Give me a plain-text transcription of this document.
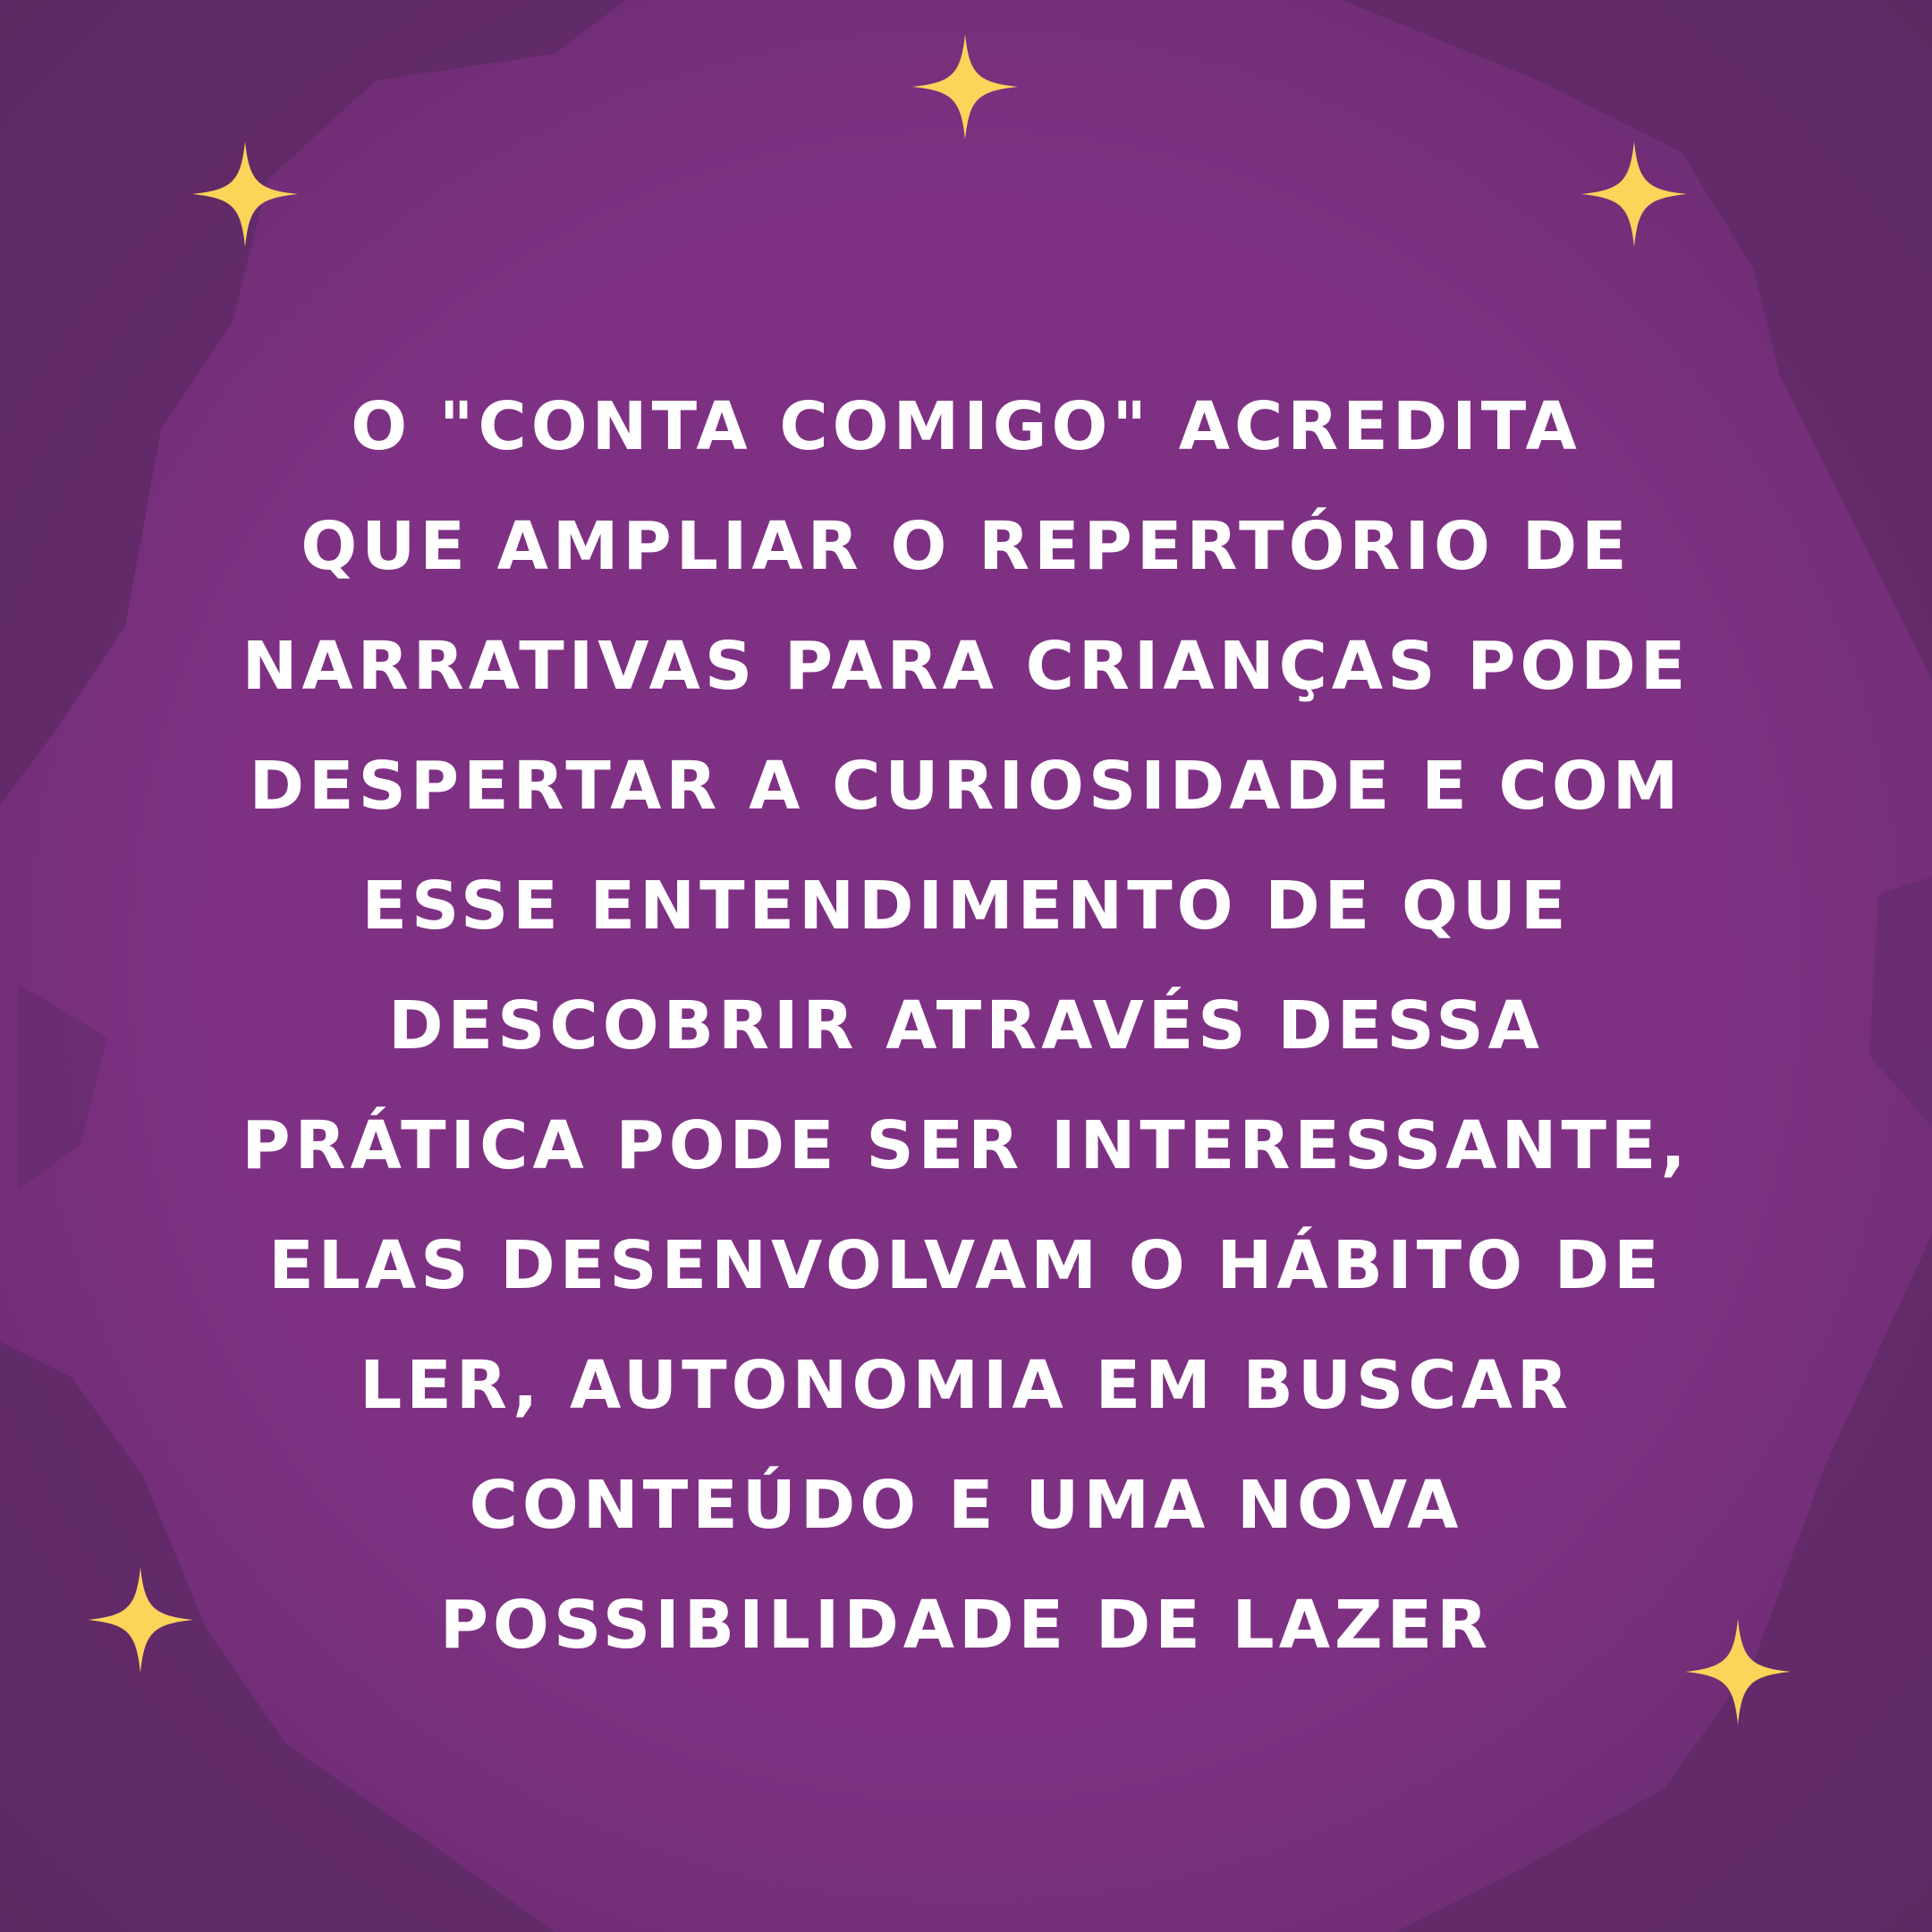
O "CONTA COMIGO" ACREDITA
QUE AMPLIAR O REPERTÓRIO DE
NARRATIVAS PARA CRIANÇAS PODE
DESPERTAR A CURIOSIDADE E COM
ESSE ENTENDIMENTO DE QUE
DESCOBRIR ATRAVÉS DESSA
PRÁTICA PODE SER INTERESSANTE,
ELAS DESENVOLVAM O HÁBITO DE
LER, AUTONOMIA EM BUSCAR
CONTEÚDO E UMA NOVA
POSSIBILIDADE DE LAZER
